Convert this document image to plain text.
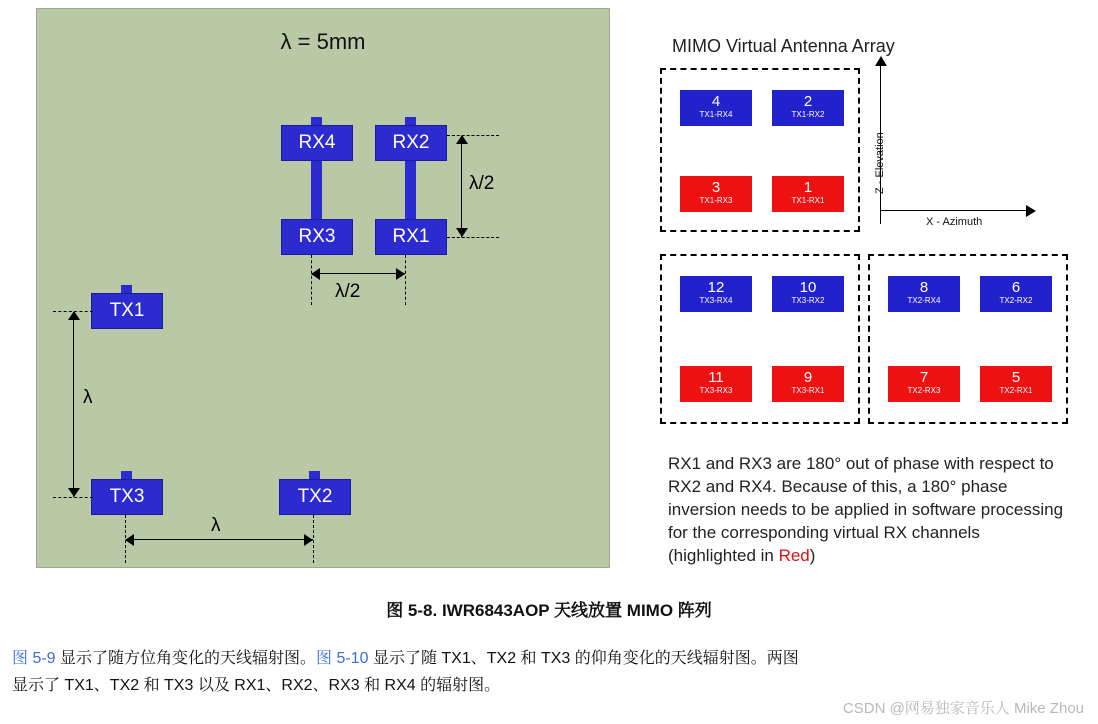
λ = 5mm
RX4	RX2
RX3	RX1
λ/2
λ/2
TX1
TX3	TX2
λ
λ
MIMO Virtual Antenna Array
4
TX1-RX4
2
TX1-RX2
3
TX1-RX3
1
TX1-RX1
Z - Elevation
X - Azimuth
12
TX3-RX4
10
TX3-RX2
11
TX3-RX3
9
TX3-RX1
8
TX2-RX4
6
TX2-RX2
7
TX2-RX3
5
TX2-RX1
RX1 and RX3 are 180° out of phase with respect to RX2 and RX4. Because of this, a 180° phase inversion needs to be applied in software processing for the corresponding virtual RX channels (highlighted in Red)
图 5-8. IWR6843AOP 天线放置 MIMO 阵列
图 5-9 显示了随方位角变化的天线辐射图。图 5-10 显示了随 TX1、TX2 和 TX3 的仰角变化的天线辐射图。两图
显示了 TX1、TX2 和 TX3 以及 RX1、RX2、RX3 和 RX4 的辐射图。
CSDN @网易独家音乐人 Mike Zhou
